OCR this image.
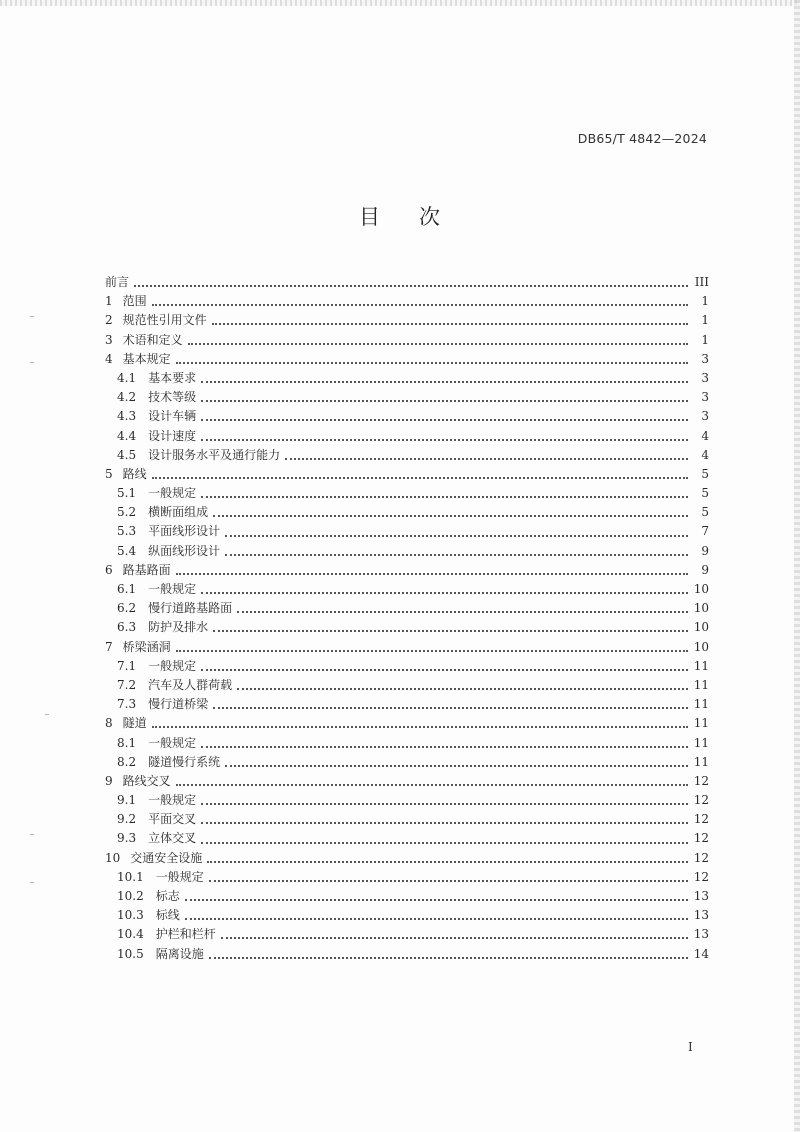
DB65/T 4842—2024
目 次
前言	III
1 范围	1
2 规范性引用文件	1
3 术语和定义	1
4 基本规定	3
4.1 基本要求	3
4.2 技术等级	3
4.3 设计车辆	3
4.4 设计速度	4
4.5 设计服务水平及通行能力	4
5 路线	5
5.1 一般规定	5
5.2 横断面组成	5
5.3 平面线形设计	7
5.4 纵面线形设计	9
6 路基路面	9
6.1 一般规定	10
6.2 慢行道路基路面	10
6.3 防护及排水	10
7 桥梁涵洞	10
7.1 一般规定	11
7.2 汽车及人群荷载	11
7.3 慢行道桥梁	11
8 隧道	11
8.1 一般规定	11
8.2 隧道慢行系统	11
9 路线交叉	12
9.1 一般规定	12
9.2 平面交叉	12
9.3 立体交叉	12
10 交通安全设施	12
10.1 一般规定	12
10.2 标志	13
10.3 标线	13
10.4 护栏和栏杆	13
10.5 隔离设施	14
I
